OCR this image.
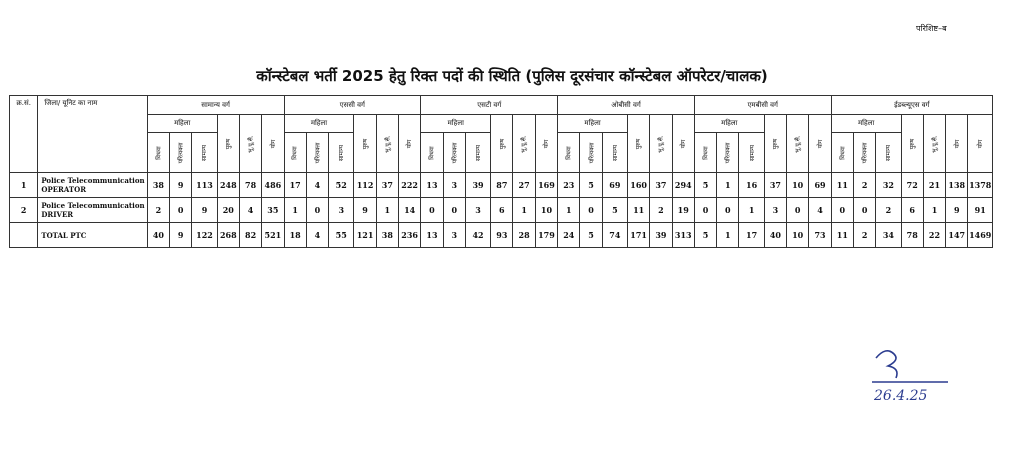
परिशिष्ट–ब
कॉन्स्टेबल भर्ती 2025 हेतु रिक्त पदों की स्थिति (पुलिस दूरसंचार कॉन्स्टेबल ऑपरेटर/चालक)
क्र.सं.	जिला/ यूनिट का नाम	सामान्य वर्ग						एससी वर्ग						एसटी वर्ग						ओबीसी वर्ग						एमबीसी वर्ग						ईडब्ल्यूएस वर्ग						
		महिला			पुरुष	भू.पू.सै.	योग	महिला			पुरुष	भू.पू.सै.	योग	महिला			पुरुष	भू.पू.सै.	योग	महिला			पुरुष	भू.पू.सै.	योग	महिला			पुरुष	भू.पू.सै.	योग	महिला			पुरुष	भू.पू.सै.	योग	योग
		विधवा	परित्यक्ता	सामान्य				विधवा	परित्यक्ता	सामान्य				विधवा	परित्यक्ता	सामान्य				विधवा	परित्यक्ता	सामान्य				विधवा	परित्यक्ता	सामान्य				विधवा	परित्यक्ता	सामान्य				
1	Police Telecommunication OPERATOR	38	9	113	248	78	486	17	4	52	112	37	222	13	3	39	87	27	169	23	5	69	160	37	294	5	1	16	37	10	69	11	2	32	72	21	138	1378
2	Police Telecommunication DRIVER	2	0	9	20	4	35	1	0	3	9	1	14	0	0	3	6	1	10	1	0	5	11	2	19	0	0	1	3	0	4	0	0	2	6	1	9	91
	TOTAL PTC	40	9	122	268	82	521	18	4	55	121	38	236	13	3	42	93	28	179	24	5	74	171	39	313	5	1	17	40	10	73	11	2	34	78	22	147	1469
26.4.25
